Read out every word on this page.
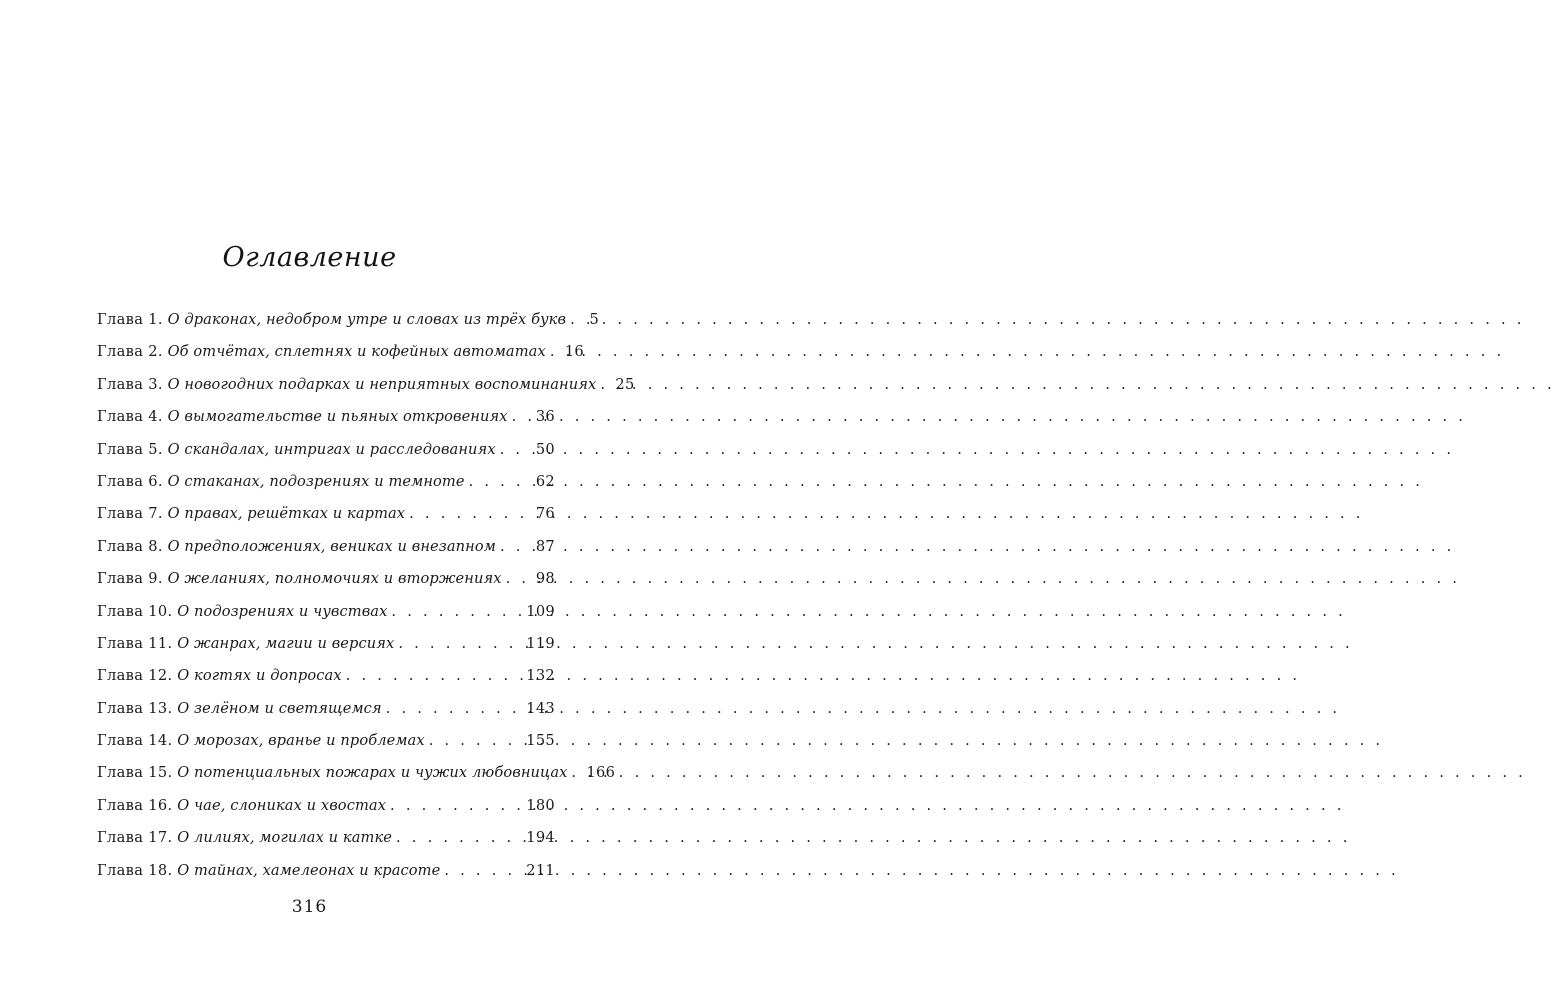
Оглавление
Глава 1.
О драконах, недобром утре и словах из трёх букв . . .	5
Глава 2.
Об отчётах, сплетнях и кофейных автоматах . . . 16
Глава 3.
О новогодних подарках и неприятных воспоминаниях . . . 25
Глава 4.
О вымогательстве и пьяных откровениях . . . 36
Глава 5.
О скандалах, интригах и расследованиях . . .	50
Глава 6.
О стаканах, подозрениях и темноте . . .	62
Глава 7.
О правах, решётках и картах . . .	76
Глава 8.
О предположениях, вениках и внезапном . . .	87
Глава 9.
О желаниях, полномочиях и вторжениях . . . 98
Глава 10.
О подозрениях и чувствах . . .	109
Глава 11.
О жанрах, магии и версиях . . .	119
Глава 12.
О когтях и допросах . . .	132
Глава 13.
О зелёном и светящемся . . .	143
Глава 14.
О морозах, вранье и проблемах . . .	155
Глава 15.
О потенциальных пожарах и чужих любовницах . . . 166
Глава 16.
О чае, слониках и хвостах . . .	180
Глава 17.
О лилиях, могилах и катке . . .	194
Глава 18.
О тайнах, хамелеонах и красоте . . .	211
316
